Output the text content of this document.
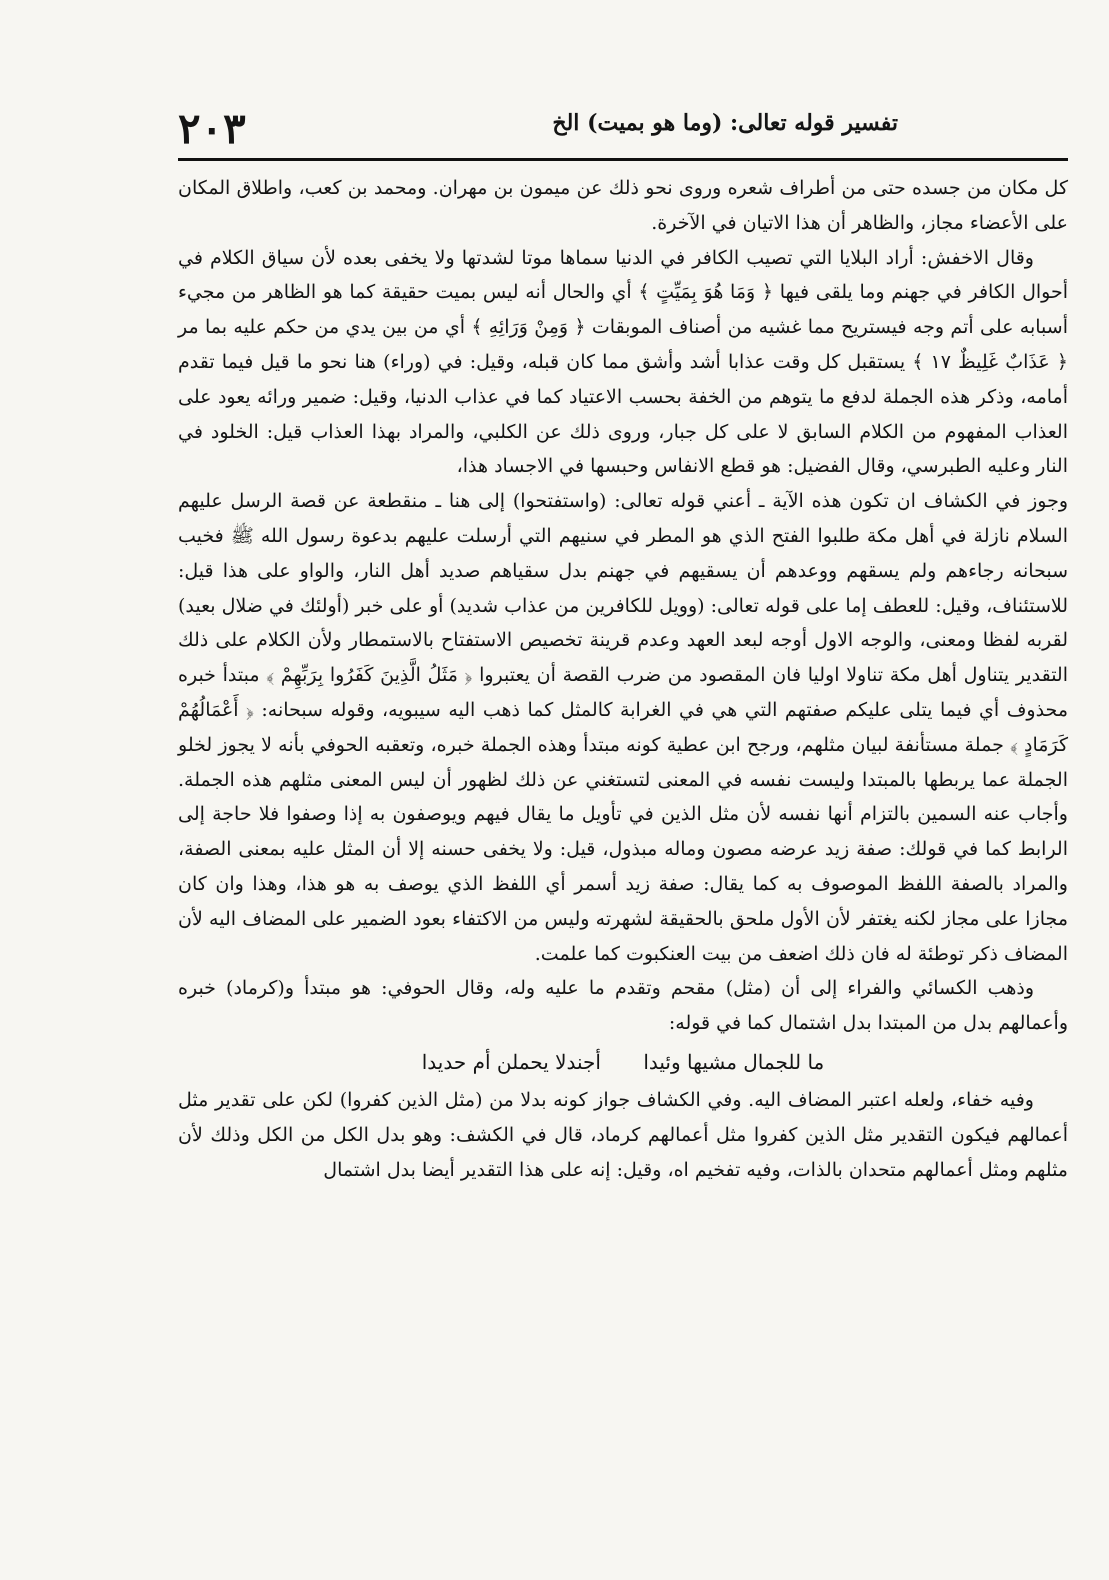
٢٠٣	تفسير قوله تعالى: (وما هو بميت) الخ

كل مكان من جسده حتى من أطراف شعره وروى نحو ذلك عن ميمون بن مهران. ومحمد بن كعب، واطلاق المكان على الأعضاء مجاز، والظاهر أن هذا الاتيان في الآخرة.

وقال الاخفش: أراد البلايا التي تصيب الكافر في الدنيا سماها موتا لشدتها ولا يخفى بعده لأن سياق الكلام في أحوال الكافر في جهنم وما يلقى فيها ﴿ وَمَا هُوَ بِمَيِّتٍ ﴾ أي والحال أنه ليس بميت حقيقة كما هو الظاهر من مجيء أسبابه على أتم وجه فيستريح مما غشيه من أصناف الموبقات ﴿ وَمِنْ وَرَائِهِ ﴾ أي من بين يدي من حكم عليه بما مر ﴿ عَذَابٌ غَلِيظٌ ١٧ ﴾ يستقبل كل وقت عذابا أشد وأشق مما كان قبله، وقيل: في (وراء) هنا نحو ما قيل فيما تقدم أمامه، وذكر هذه الجملة لدفع ما يتوهم من الخفة بحسب الاعتياد كما في عذاب الدنيا، وقيل: ضمير ورائه يعود على العذاب المفهوم من الكلام السابق لا على كل جبار، وروى ذلك عن الكلبي، والمراد بهذا العذاب قيل: الخلود في النار وعليه الطبرسي، وقال الفضيل: هو قطع الانفاس وحبسها في الاجساد هذا،

وجوز في الكشاف ان تكون هذه الآية ـ أعني قوله تعالى: (واستفتحوا) إلى هنا ـ منقطعة عن قصة الرسل عليهم السلام نازلة في أهل مكة طلبوا الفتح الذي هو المطر في سنيهم التي أرسلت عليهم بدعوة رسول الله ﷺ فخيب سبحانه رجاءهم ولم يسقهم ووعدهم أن يسقيهم في جهنم بدل سقياهم صديد أهل النار، والواو على هذا قيل: للاستئناف، وقيل: للعطف إما على قوله تعالى: (وويل للكافرين من عذاب شديد) أو على خبر (أولئك في ضلال بعيد) لقربه لفظا ومعنى، والوجه الاول أوجه لبعد العهد وعدم قرينة تخصيص الاستفتاح بالاستمطار ولأن الكلام على ذلك التقدير يتناول أهل مكة تناولا اوليا فان المقصود من ضرب القصة أن يعتبروا ﴿ مَثَلُ الَّذِينَ كَفَرُوا بِرَبِّهِمْ ﴾ مبتدأ خبره محذوف أي فيما يتلى عليكم صفتهم التي هي في الغرابة كالمثل كما ذهب اليه سيبويه، وقوله سبحانه: ﴿ أَعْمَالُهُمْ كَرَمَادٍ ﴾ جملة مستأنفة لبيان مثلهم، ورجح ابن عطية كونه مبتدأ وهذه الجملة خبره، وتعقبه الحوفي بأنه لا يجوز لخلو الجملة عما يربطها بالمبتدا وليست نفسه في المعنى لتستغني عن ذلك لظهور أن ليس المعنى مثلهم هذه الجملة. وأجاب عنه السمين بالتزام أنها نفسه لأن مثل الذين في تأويل ما يقال فيهم ويوصفون به إذا وصفوا فلا حاجة إلى الرابط كما في قولك: صفة زيد عرضه مصون وماله مبذول، قيل: ولا يخفى حسنه إلا أن المثل عليه بمعنى الصفة، والمراد بالصفة اللفظ الموصوف به كما يقال: صفة زيد أسمر أي اللفظ الذي يوصف به هو هذا، وهذا وان كان مجازا على مجاز لكنه يغتفر لأن الأول ملحق بالحقيقة لشهرته وليس من الاكتفاء بعود الضمير على المضاف اليه لأن المضاف ذكر توطئة له فان ذلك اضعف من بيت العنكبوت كما علمت.

وذهب الكسائي والفراء إلى أن (مثل) مقحم وتقدم ما عليه وله، وقال الحوفي: هو مبتدأ و(كرماد) خبره وأعمالهم بدل من المبتدا بدل اشتمال كما في قوله:

ما للجمال مشيها وئيدا أجندلا يحملن أم حديدا

وفيه خفاء، ولعله اعتبر المضاف اليه. وفي الكشاف جواز كونه بدلا من (مثل الذين كفروا) لكن على تقدير مثل أعمالهم فيكون التقدير مثل الذين كفروا مثل أعمالهم كرماد، قال في الكشف: وهو بدل الكل من الكل وذلك لأن مثلهم ومثل أعمالهم متحدان بالذات، وفيه تفخيم اه، وقيل: إنه على هذا التقدير أيضا بدل اشتمال
